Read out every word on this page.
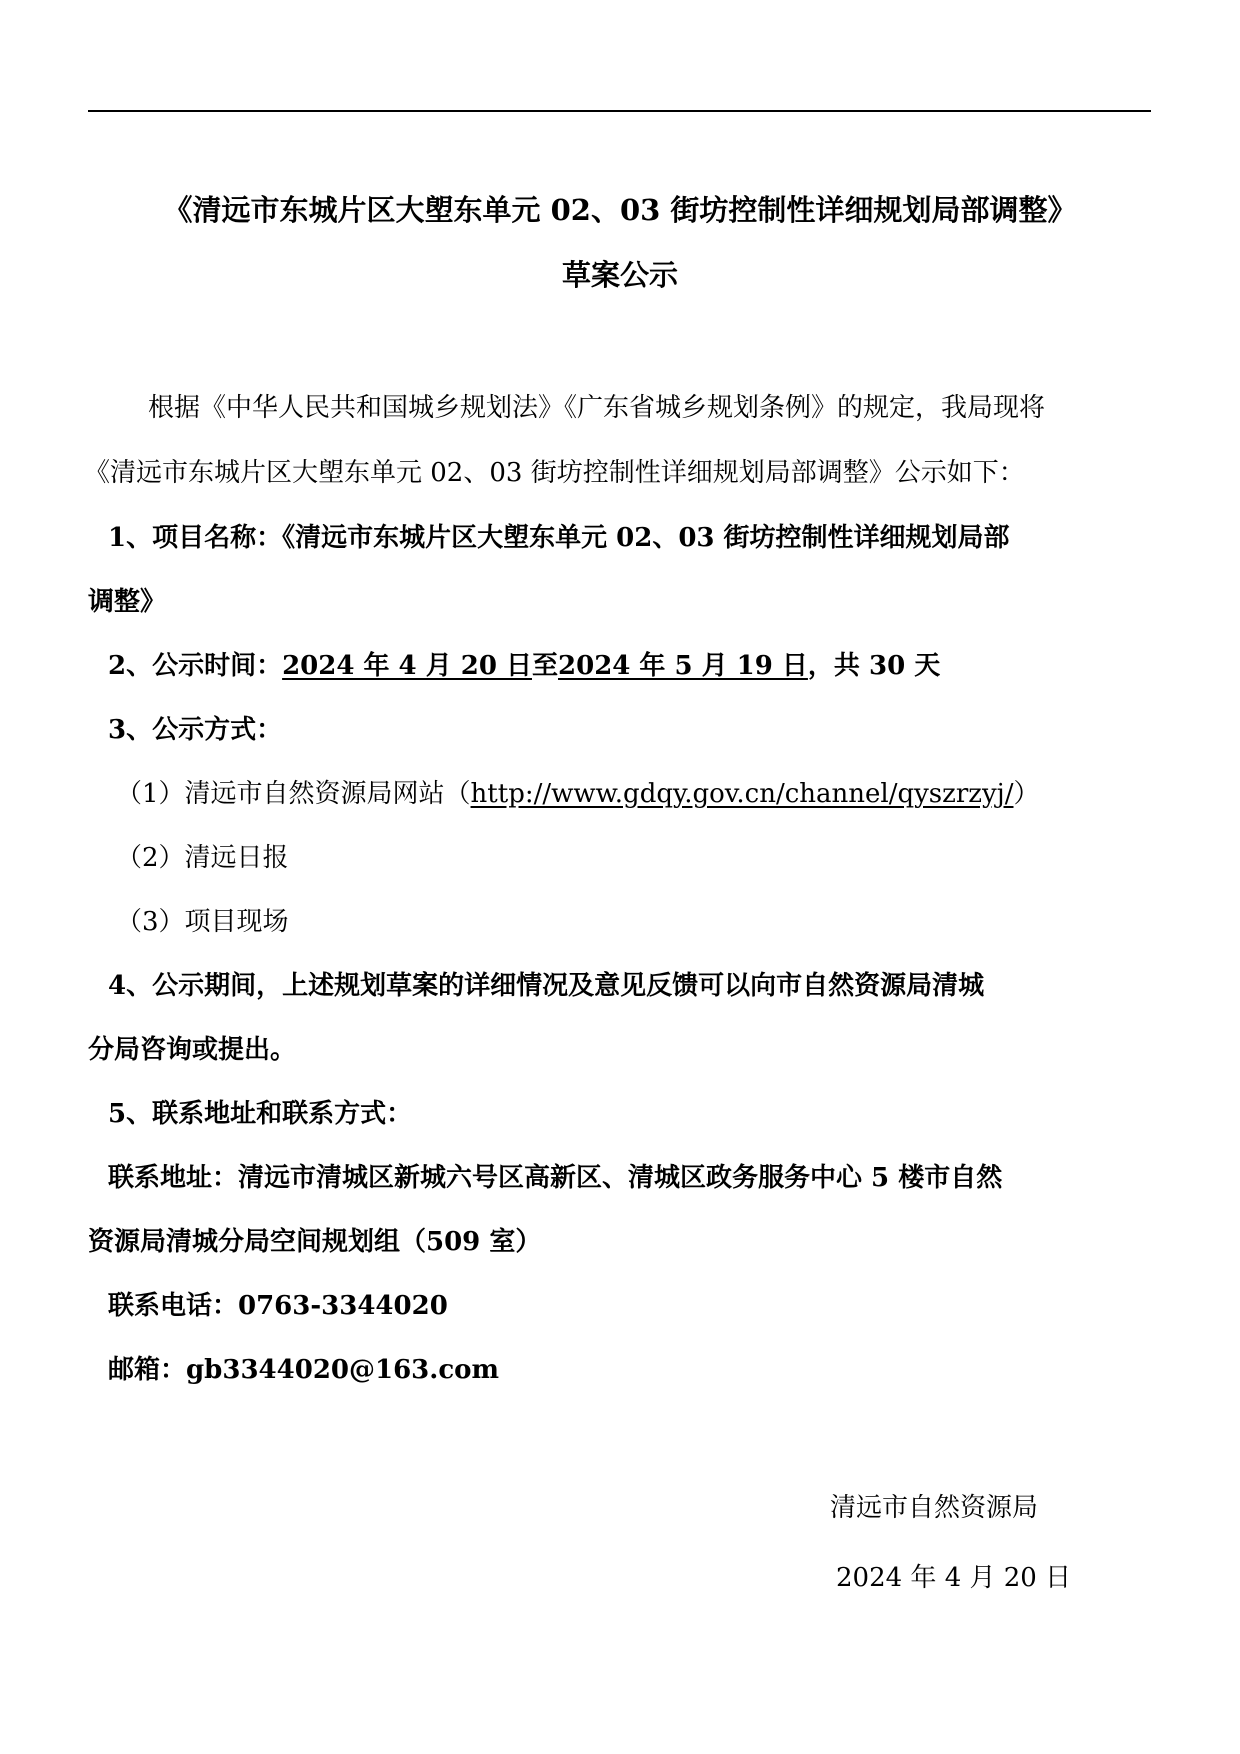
《清远市东城片区大塱东单元 02、03 街坊控制性详细规划局部调整》
草案公示
根据《中华人民共和国城乡规划法》《广东省城乡规划条例》的规定，我局现将
《清远市东城片区大塱东单元 02、03 街坊控制性详细规划局部调整》公示如下：
1、项目名称：《清远市东城片区大塱东单元 02、03 街坊控制性详细规划局部
调整》
2、公示时间：2024 年 4 月 20 日至2024 年 5 月 19 日，共 30 天
3、公示方式：
（1）清远市自然资源局网站（http://www.gdqy.gov.cn/channel/qyszrzyj/）
（2）清远日报
（3）项目现场
4、公示期间，上述规划草案的详细情况及意见反馈可以向市自然资源局清城
分局咨询或提出。
5、联系地址和联系方式：
联系地址：清远市清城区新城六号区高新区、清城区政务服务中心 5 楼市自然
资源局清城分局空间规划组（509 室）
联系电话：0763-3344020
邮箱：gb3344020@163.com
清远市自然资源局
2024 年 4 月 20 日
